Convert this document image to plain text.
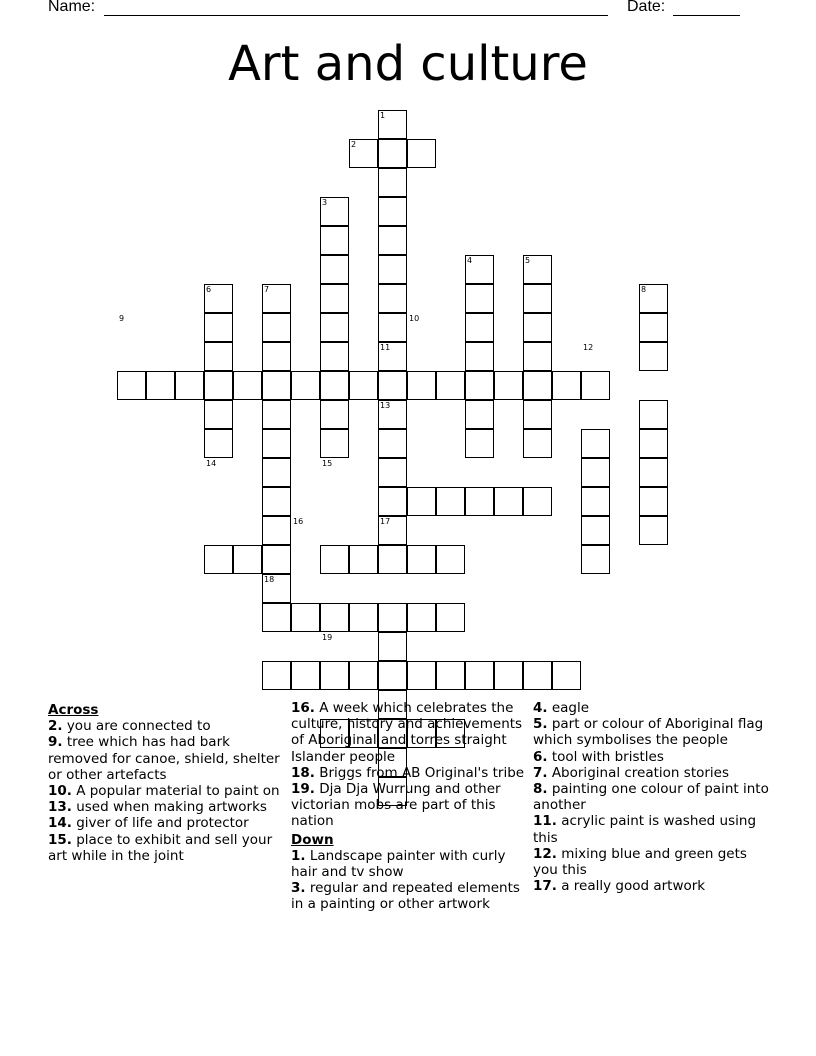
Name:	Date:
Art and culture
1
2
3
4	5
6	7	8
9	10
11	12
13
14	15
16	17
18
19
Across
2. you are connected to
9. tree which has had bark removed for canoe, shield, shelter or other artefacts
10. A popular material to paint on
13. used when making artworks
14. giver of life and protector
15. place to exhibit and sell your art while in the joint
16. A week which celebrates the culture, history and achievements of Aboriginal and torres straight Islander people
18. Briggs from AB Original's tribe
19. Dja Dja Wurrung and other victorian mobs are part of this nation
Down
1. Landscape painter with curly hair and tv show
3. regular and repeated elements in a painting or other artwork
4. eagle
5. part or colour of Aboriginal flag which symbolises the people
6. tool with bristles
7. Aboriginal creation stories
8. painting one colour of paint into another
11. acrylic paint is washed using this
12. mixing blue and green gets you this
17. a really good artwork
